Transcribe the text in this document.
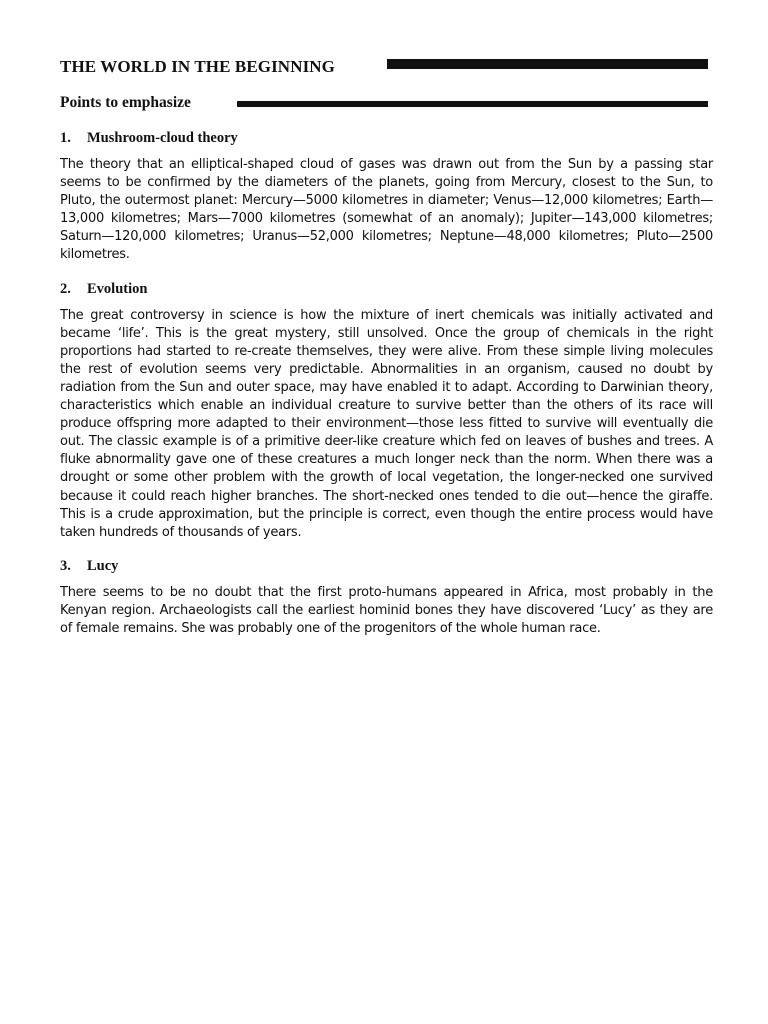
THE WORLD IN THE BEGINNING
Points to emphasize
1.	Mushroom-cloud theory

The theory that an elliptical-shaped cloud of gases was drawn out from the Sun by a passing star seems to be confirmed by the diameters of the planets, going from Mercury, closest to the Sun, to Pluto, the outermost planet: Mercury—5000 kilometres in diameter; Venus—12,000 kilometres; Earth—13,000 kilometres; Mars—7000 kilometres (somewhat of an anomaly); Jupiter—143,000 kilometres; Saturn—120,000 kilometres; Uranus—52,000 kilometres; Neptune—48,000 kilometres; Pluto—2500 kilometres.

2.	Evolution

The great controversy in science is how the mixture of inert chemicals was initially activated and became ‘life’. This is the great mystery, still unsolved. Once the group of chemicals in the right proportions had started to re-create themselves, they were alive. From these simple living molecules the rest of evolution seems very predictable. Abnormalities in an organism, caused no doubt by radiation from the Sun and outer space, may have enabled it to adapt. According to Darwinian theory, characteristics which enable an individual creature to survive better than the others of its race will produce offspring more adapted to their environment—those less fitted to survive will eventually die out. The classic example is of a primitive deer-like creature which fed on leaves of bushes and trees. A fluke abnormality gave one of these creatures a much longer neck than the norm. When there was a drought or some other problem with the growth of local vegetation, the longer-necked one survived because it could reach higher branches. The short-necked ones tended to die out—hence the giraffe. This is a crude approximation, but the principle is correct, even though the entire process would have taken hundreds of thousands of years.

3.	Lucy

There seems to be no doubt that the first proto-humans appeared in Africa, most probably in the Kenyan region. Archaeologists call the earliest hominid bones they have discovered ‘Lucy’ as they are of female remains. She was probably one of the progenitors of the whole human race.
